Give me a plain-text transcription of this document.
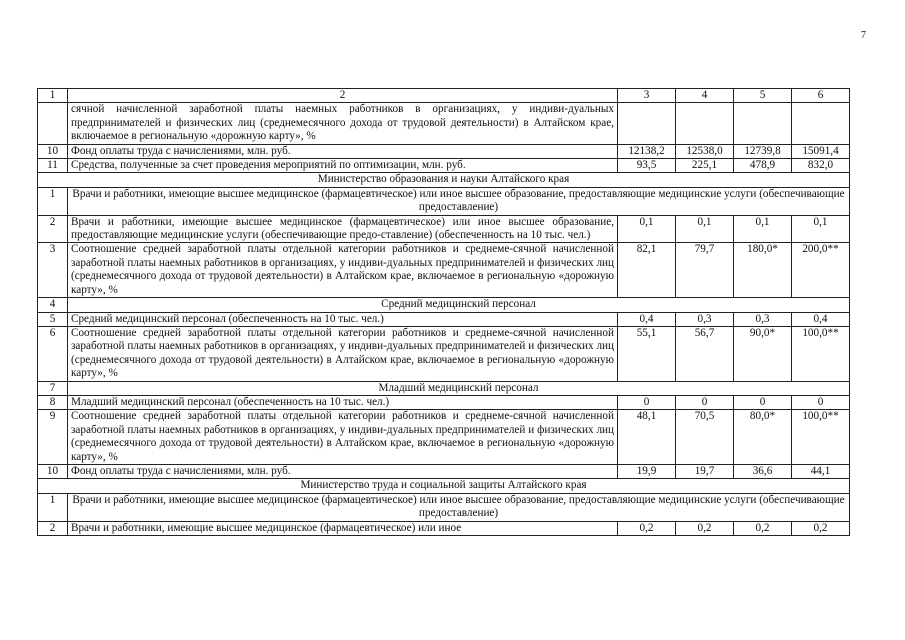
7
1	2	3	4	5	6
	сячной начисленной заработной платы наемных работников в организациях, у индиви-дуальных предпринимателей и физических лиц (среднемесячного дохода от трудовой деятельности) в Алтайском крае, включаемое в региональную «дорожную карту», %				
10	Фонд оплаты труда с начислениями, млн. руб.	12138,2	12538,0	12739,8	15091,4
11	Средства, полученные за счет проведения мероприятий по оптимизации, млн. руб.	93,5	225,1	478,9	832,0
Министерство образования и науки Алтайского края					
1	Врачи и работники, имеющие высшее медицинское (фармацевтическое) или иное высшее образование, предоставляющие медицинские услуги (обеспечивающие предоставление)				
2	Врачи и работники, имеющие высшее медицинское (фармацевтическое) или иное высшее образование, предоставляющие медицинские услуги (обеспечивающие предо-ставление) (обеспеченность на 10 тыс. чел.)	0,1	0,1	0,1	0,1
3	Соотношение средней заработной платы отдельной категории работников и среднеме-сячной начисленной заработной платы наемных работников в организациях, у индиви-дуальных предпринимателей и физических лиц (среднемесячного дохода от трудовой деятельности) в Алтайском крае, включаемое в региональную «дорожную карту», %	82,1	79,7	180,0*	200,0**
4	Средний медицинский персонал				
5	Средний медицинский персонал (обеспеченность на 10 тыс. чел.)	0,4	0,3	0,3	0,4
6	Соотношение средней заработной платы отдельной категории работников и среднеме-сячной начисленной заработной платы наемных работников в организациях, у индиви-дуальных предпринимателей и физических лиц (среднемесячного дохода от трудовой деятельности) в Алтайском крае, включаемое в региональную «дорожную карту», %	55,1	56,7	90,0*	100,0**
7	Младший медицинский персонал				
8	Младший медицинский персонал (обеспеченность на 10 тыс. чел.)	0	0	0	0
9	Соотношение средней заработной платы отдельной категории работников и среднеме-сячной начисленной заработной платы наемных работников в организациях, у индиви-дуальных предпринимателей и физических лиц (среднемесячного дохода от трудовой деятельности) в Алтайском крае, включаемое в региональную «дорожную карту», %	48,1	70,5	80,0*	100,0**
10	Фонд оплаты труда с начислениями, млн. руб.	19,9	19,7	36,6	44,1
Министерство труда и социальной защиты Алтайского края					
1	Врачи и работники, имеющие высшее медицинское (фармацевтическое) или иное высшее образование, предоставляющие медицинские услуги (обеспечивающие предоставление)				
2	Врачи и работники, имеющие высшее медицинское (фармацевтическое) или иное	0,2	0,2	0,2	0,2
